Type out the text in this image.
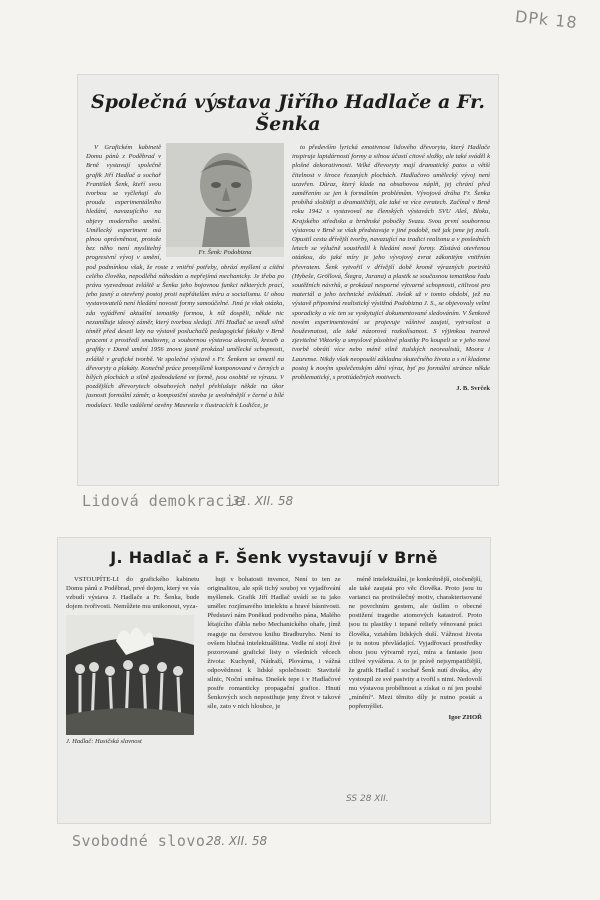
DPk 18
Společná výstava Jiřího Hadlače a Fr. Šenka
Fr. Šenk: Podobizna

V Grafickém kabinetě Domu pánů z Poděbrad v Brně vystavují společně grafik Jiří Hadlač a sochař František Šenk, kteří svou tvorbou se vyčleňují do proudu experimentálního hledání, navazujícího na objevy moderního umění. Umělecký experiment má plnou oprávněnost, protože bez něho není myslitelný progresivní vývoj v umění, pod podmínkou však, že roste z vnitřní potřeby, obrází myšlení a cítění celého člověka, nepodléhá náhodám a nepřejímá mechanicky. Je třeba po právu vyzvednout zvláště u Šenka jeho bojovnou funkci některých prací, jeho jasný a otevřený postoj proti nepřátelům míru a socialismu. U obou vystavovatelů není hledání novosti formy samoúčelné. Jiná je však otázka, zda vyjádření aktuální tematiky formou, k níž dospěli, někde nic nezamlžuje ideový záměr, který tvorbou sledují. Jiří Hadlač se uvedl silně téměř před deseti lety na výstavě posluchačů pedagogické fakulty v Brně pracemi z prostředí smaltovny, a soubornou výstavou akvarelů, kreseb a grafiky v Domě umění 1956 znovu jasně prokázal umělecké schopnosti, zvláště v grafické tvorbě. Ve společné výstavě s Fr. Šenkem se omezil na dřevoryty a plakáty. Konečně práce promyšleně komponované v černých a bílých plochách a silně zjednodušené ve formě, jsou osobité ve výrazu. V pozdějších dřevorytech obsahových nebyl přehlušuje někde na úkor jasnosti formální záměr, a kompoziční stavba je uvolněnější v černé a bílé modulaci. Vedle vzdálené ozvěny Masreela v ilustracích k Lodičce, je

to především lyrická emotivnost lidového dřevorytu, který Hadlače inspiruje lapidárností formy a silnou účastí citové složky, ale také sváděl k plošné dekorativnosti. Velké dřevoryty mají dramatický patos a větší čitelnost v široce řezaných plochách. Hadlačovo umělecký vývoj není uzavřen. Důraz, který klade na obsahovou náplň, jej chrání před zaměřením se jen k formálním problémům. Vývojová dráha Fr. Šenka probíhá složitěji a dramatičtěji, ale také ve více zvratech. Začínal v Brně roku 1942 s vystavoval na členských výstavách SVU Aleš, Bloku, Krajského střediska a brněnské pobočky Svazu. Svou první soubornou výstavou v Brně se však představuje v jiné podobě, než jak jsme jej znali. Opustil cestu dřívější tvorby, navazující na tradici realismu a v posledních letech se výlučně soustředil k hledání nové formy. Zůstává otevřenou otázkou, do jaké míry je jeho vývojový zvrat zákonitým vnitřním převratem. Šenk vytvořil v dřívější době kromě výrazných portrétů (Hybeše, Gröllová, Šiegra, Jurana) a plastik se současnou tematikou řadu soutěžních návrhů, a prokázal nesporné výtvarné schopnosti, citlivost pro materiál a jeho technické zvládnutí. Avšak už v tomto období, jež na výstavě připomíná realistický výstižná Podobizna J. S., se objevovaly velmi sporadicky a víc ten se vyskytující dokumentované sledováním. V Šenkově novém experimentování se projevuje vášnivé zaujetí, vytrvalost a houževnatost, ale také názorová rozkolísanost. S výjimkou tvarově zjevitelné Viktorky a smyslové působivé plastiky Po koupeli se v jeho nové tvorbě obrátí více nebo méně silně italských neorealistů, Moora i Laurense. Nikdy však neopouští základnu skutečného života a s ní klademe postoj k novým společenským dění výraz, byť po formální stránce někde problematický, s protiúdečných motivech.

J. B. Svrček
Lidová demokracie
31. XII. 58
J. Hadlač a F. Šenk vystavují v Brně

VSTOUPÍTE-LI do grafického kabinetu Domu pánů z Poděbrad, prvé dojem, který ve vás vzbudí výstava J. Hadlače a Fr. Šenka, bude dojem tvořivosti. Nemůžete mu unikonout, vyza-

J. Hadlač: Hasičská slavnost

huji v bohatosti invence, Není to ten ze originalitou, ale spíš tichý souboj ve vyjadřování myšlenek. Grafik Jiří Hadlač uvádí se tu jako umělec rozjímavého intelektu a hravé básnivosti. Představí nám Poněkud podivného pána, Malého létajícího ďábla nebo Mechanického ohaře, jímž reaguje na čerstvou knihu Bradburyho. Není to ovšem hlučná intelektuálština. Vedle ní stojí živé pozorované grafické listy o všedních věcech života: Kuchyně, Nádraží, Plovárna, i vážná odpovědnost k lidské společnosti: Stavitelé silnic, Noční směna. Dnešek tepe i v Hadlačové postře romanticky propagační grafice. Hnutí Šenkových soch nepostihuje jeny život v takové síle, zato v nich hloubce, je

méně intelektuální, je konkrétnější, otočenější, ale také zaujatá pro věc člověka. Proto jsou tu varianci na protiválečný motiv, charakterisované ne povrchním gestem, ale úsilím o obecné postižení tragedie atomových katastrof. Proto jsou tu plastiky i tepané reliefy věnované práci člověka, vztahům lidských duší. Vážnost života je tu notou převládající. Vyjadřovací prostředky obou jsou výtvarně ryzí, míra a fantasie jsou citlivé vyvážena. A to je právě nejsympatičtější, že grafik Hadlač i sochař Šenk nutí diváka, aby vystoupil ze své pasivity a tvořil s nimi. Nedovolí mu výstavou proběhnout a získat o ní jen pouhé „mínění“. Mezi těmito díly je nutno postát a popřemýšlet.

Igor ZHOŘ
SS 28 XII.
Svobodné slovo 28. XII. 58
